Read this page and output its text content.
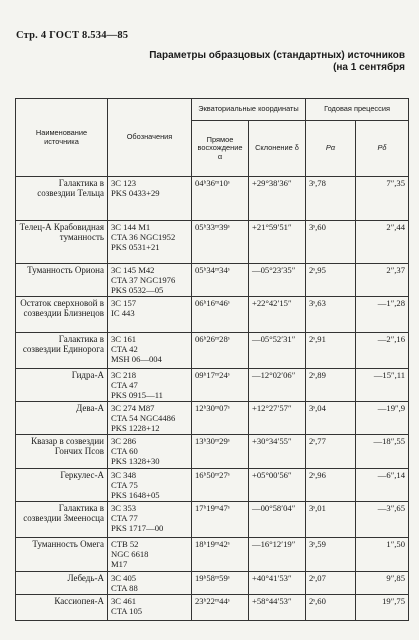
Стр. 4 ГОСТ 8.534—85
Параметры образцовых (стандартных) источников
(на 1 сентября
Наименование источника	Обозначения	Экваториальные координаты		Годовая прецессия	
		Прямое восхождение α	Склонение δ	Pα	Pδ

Галактика в созвездии Тельца	3C 123
PKS 0433+29	04ʰ36ᵐ10ˢ	+29°38′36″	3ˢ,78	7″,35
Телец-А Крабовидная туманность	3C 144 M1
CTA 36 NGC1952
PKS 0531+21	05ʰ33ᵐ39ˢ	+21°59′51″	3ˢ,60	2″,44
Туманность Ориона	3C 145 M42
CTA 37 NGC1976
PKS 0532—05	05ʰ34ᵐ34ˢ	—05°23′35″	2ˢ,95	2″,37
Остаток сверхновой в созвездии Близнецов	3C 157
IC 443	06ʰ16ᵐ46ˢ	+22°42′15″	3ˢ,63	—1″,28
Галактика в созвездии Единорога	3C 161
CTA 42
MSH 06—004	06ʰ26ᵐ28ˢ	—05°52′31″	2ˢ,91	—2″,16
Гидра-А	3C 218
CTA 47
PKS 0915—11	09ʰ17ᵐ24ˢ	—12°02′06″	2ˢ,89	—15″,11
Дева-А	3C 274 M87
CTA 54 NGC4486
PKS 1228+12	12ʰ30ᵐ07ˢ	+12°27′57″	3ˢ,04	—19″,9
Квазар в созвездии Гончих Псов	3C 286
CTA 60
PKS 1328+30	13ʰ30ᵐ29ˢ	+30°34′55″	2ˢ,77	—18″,55
Геркулес-А	3C 348
CTA 75
PKS 1648+05	16ʰ50ᵐ27ˢ	+05°00′56″	2ˢ,96	—6″,14
Галактика в созвездии Змееносца	3C 353
CTA 77
PKS 1717—00	17ʰ19ᵐ47ˢ	—00°58′04″	3ˢ,01	—3″,65
Туманность Омега	CTB 52
NGC 6618
M17	18ʰ19ᵐ42ˢ	—16°12′19″	3ˢ,59	1″,50
Лебедь-А	3C 405
CTA 88	19ʰ58ᵐ59ˢ	+40°41′53″	2ˢ,07	9″,85
Кассиопея-А	3C 461
CTA 105	23ʰ22ᵐ44ˢ	+58°44′53″	2ˢ,60	19″,75
